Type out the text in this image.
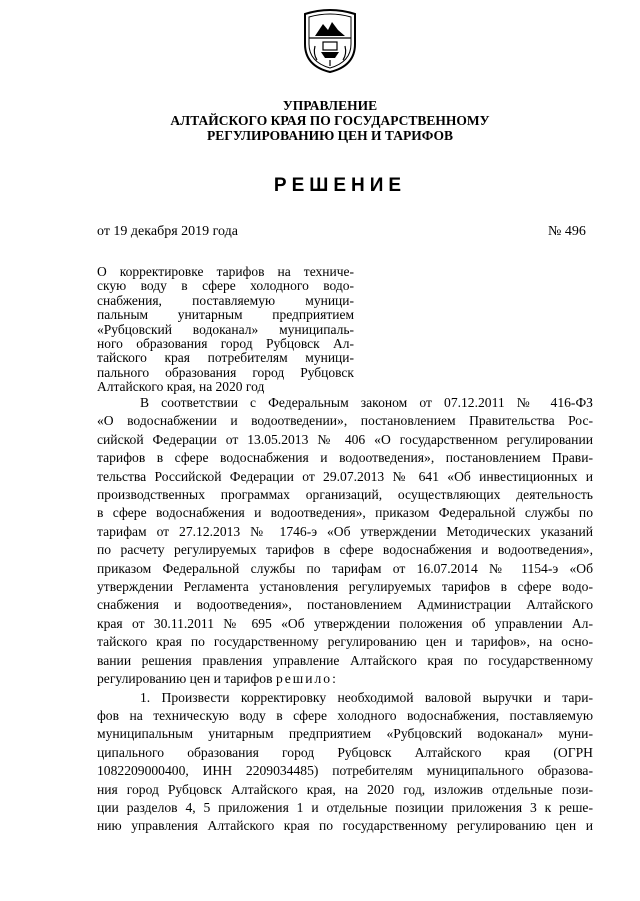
УПРАВЛЕНИЕ
АЛТАЙСКОГО КРАЯ ПО ГОСУДАРСТВЕННОМУ
РЕГУЛИРОВАНИЮ ЦЕН И ТАРИФОВ
РЕШЕНИЕ
от 19 декабря 2019 года	№ 496
О корректировке тарифов на техниче-
скую воду в сфере холодного водо-
снабжения, поставляемую муници-
пальным унитарным предприятием
«Рубцовский водоканал» муниципаль-
ного образования город Рубцовск Ал-
тайского края потребителям муници-
пального образования город Рубцовск
Алтайского края, на 2020 год
В соответствии с Федеральным законом от 07.12.2011 № 416-ФЗ
«О водоснабжении и водоотведении», постановлением Правительства Рос-
сийской Федерации от 13.05.2013 № 406 «О государственном регулировании
тарифов в сфере водоснабжения и водоотведения», постановлением Прави-
тельства Российской Федерации от 29.07.2013 № 641 «Об инвестиционных и
производственных программах организаций, осуществляющих деятельность
в сфере водоснабжения и водоотведения», приказом Федеральной службы по
тарифам от 27.12.2013 № 1746-э «Об утверждении Методических указаний
по расчету регулируемых тарифов в сфере водоснабжения и водоотведения»,
приказом Федеральной службы по тарифам от 16.07.2014 № 1154-э «Об
утверждении Регламента установления регулируемых тарифов в сфере водо-
снабжения и водоотведения», постановлением Администрации Алтайского
края от 30.11.2011 № 695 «Об утверждении положения об управлении Ал-
тайского края по государственному регулированию цен и тарифов», на осно-
вании решения правления управление Алтайского края по государственному
регулированию цен и тарифов решило:
1. Произвести корректировку необходимой валовой выручки и тари-
фов на техническую воду в сфере холодного водоснабжения, поставляемую
муниципальным унитарным предприятием «Рубцовский водоканал» муни-
ципального образования город Рубцовск Алтайского края (ОГРН
1082209000400, ИНН 2209034485) потребителям муниципального образова-
ния город Рубцовск Алтайского края, на 2020 год, изложив отдельные пози-
ции разделов 4, 5 приложения 1 и отдельные позиции приложения 3 к реше-
нию управления Алтайского края по государственному регулированию цен и
